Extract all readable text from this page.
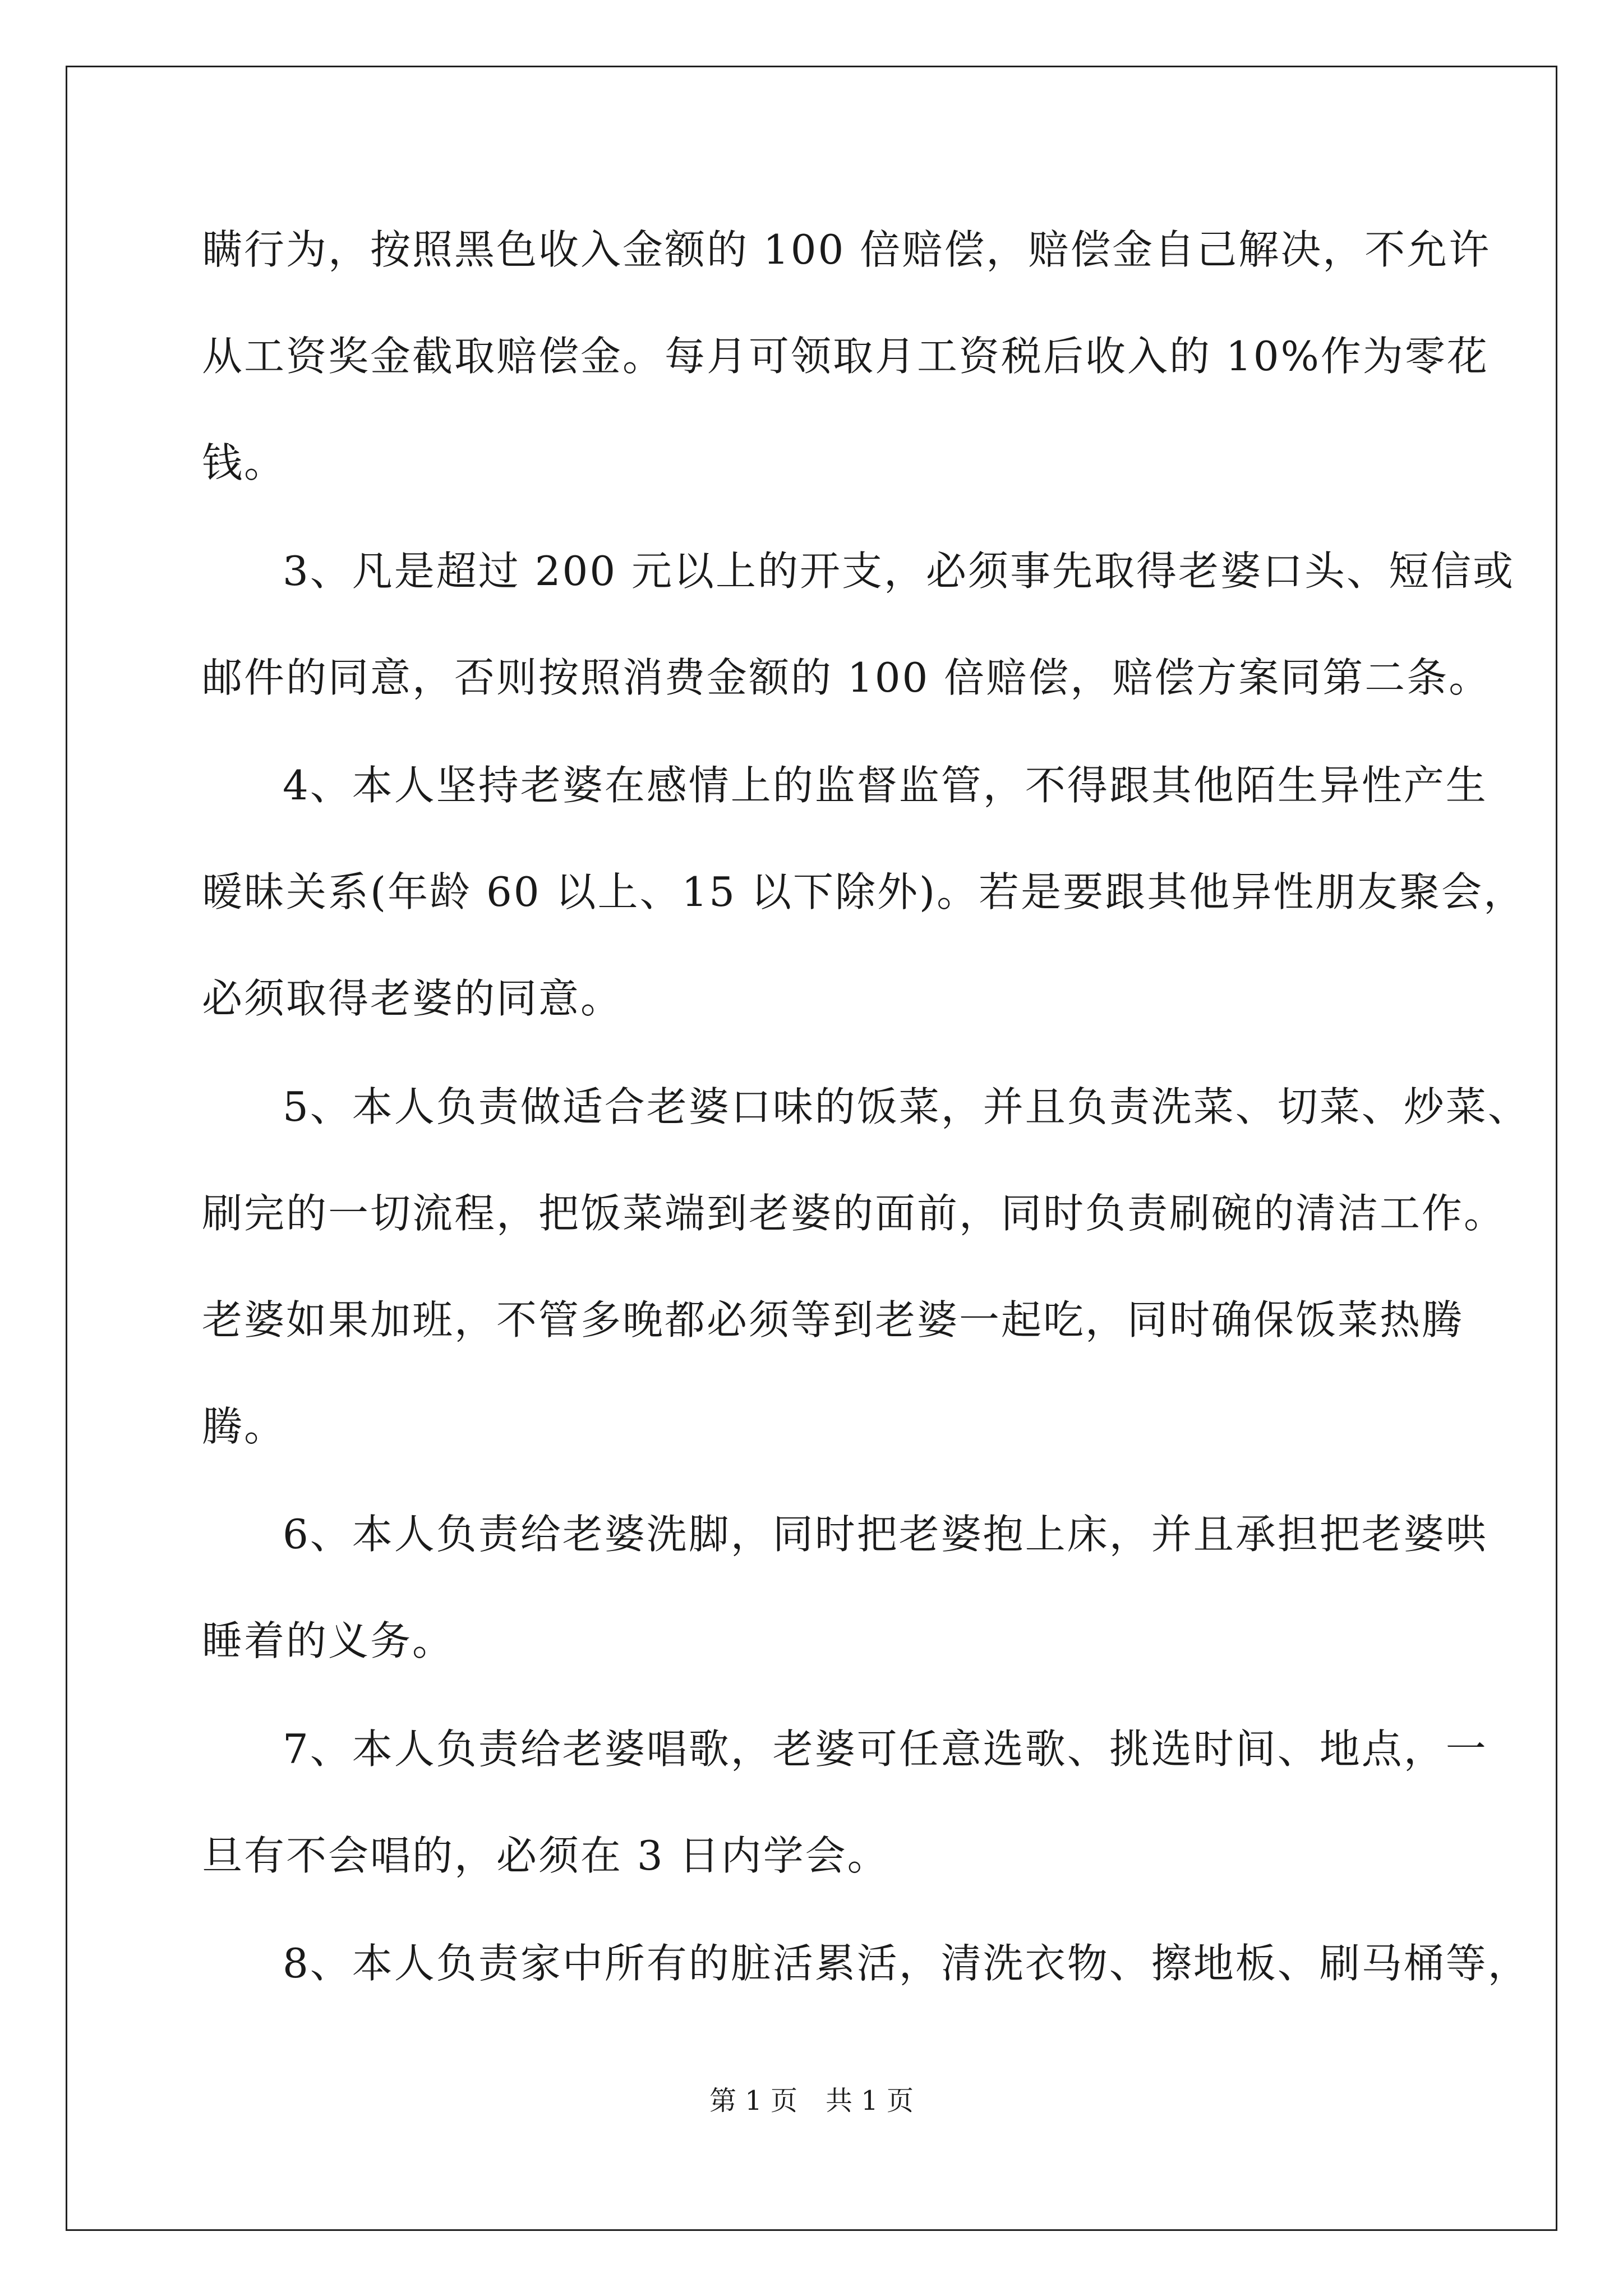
瞒行为，按照黑色收入金额的 100 倍赔偿，赔偿金自己解决，不允许
从工资奖金截取赔偿金。每月可领取月工资税后收入的 10%作为零花
钱。
3、凡是超过 200 元以上的开支，必须事先取得老婆口头、短信或
邮件的同意，否则按照消费金额的 100 倍赔偿，赔偿方案同第二条。
4、本人坚持老婆在感情上的监督监管，不得跟其他陌生异性产生
暧昧关系(年龄 60 以上、15 以下除外)。若是要跟其他异性朋友聚会，
必须取得老婆的同意。
5、本人负责做适合老婆口味的饭菜，并且负责洗菜、切菜、炒菜、
刷完的一切流程，把饭菜端到老婆的面前，同时负责刷碗的清洁工作。
老婆如果加班，不管多晚都必须等到老婆一起吃，同时确保饭菜热腾
腾。
6、本人负责给老婆洗脚，同时把老婆抱上床，并且承担把老婆哄
睡着的义务。
7、本人负责给老婆唱歌，老婆可任意选歌、挑选时间、地点，一
旦有不会唱的，必须在 3 日内学会。
8、本人负责家中所有的脏活累活，清洗衣物、擦地板、刷马桶等，
第 1 页 共 1 页
